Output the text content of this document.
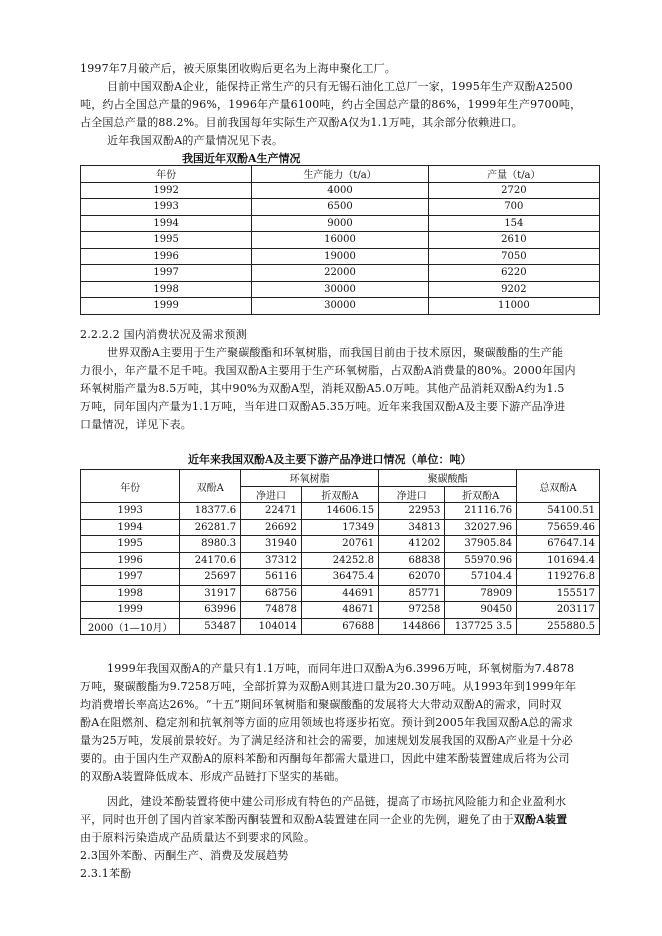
1997年7月破产后，被天原集团收购后更名为上海申聚化工厂。

目前中国双酚A企业，能保持正常生产的只有无锡石油化工总厂一家，1995年生产双酚A2500

吨，约占全国总产量的96%，1996年产量6100吨，约占全国总产量的86%，1999年生产9700吨，

占全国总产量的88.2%。目前我国每年实际生产双酚A仅为1.1万吨，其余部分依赖进口。

近年我国双酚A的产量情况见下表。

我国近年双酚A生产情况

年份	生产能力（t/a）	产量（t/a）
1992	4000	2720
1993	6500	700
1994	9000	154
1995	16000	2610
1996	19000	7050
1997	22000	6220
1998	30000	9202
1999	30000	11000

2.2.2.2 国内消费状况及需求预测

世界双酚A主要用于生产聚碳酸酯和环氧树脂，而我国目前由于技术原因，聚碳酸酯的生产能

力很小，年产量不足千吨。我国双酚A主要用于生产环氧树脂，占双酚A消费量的80%。2000年国内

环氧树脂产量为8.5万吨，其中90%为双酚A型，消耗双酚A5.0万吨。其他产品消耗双酚A约为1.5

万吨，同年国内产量为1.1万吨，当年进口双酚A5.35万吨。近年来我国双酚A及主要下游产品净进

口量情况，详见下表。

近年来我国双酚A及主要下游产品净进口情况（单位：吨）

年份	双酚A	环氧树脂		聚碳酸酯		总双酚A
		净进口	折双酚A	净进口	折双酚A	
1993	18377.6	22471	14606.15	22953	21116.76	54100.51
1994	26281.7	26692	17349	34813	32027.96	75659.46
1995	8980.3	31940	20761	41202	37905.84	67647.14
1996	24170.6	37312	24252.8	68838	55970.96	101694.4
1997	25697	56116	36475.4	62070	57104.4	119276.8
1998	31917	68756	44691	85771	78909	155517
1999	63996	74878	48671	97258	90450	203117
2000（1—10月）	53487	104014	67688	144866	137725 3.5	255880.5

1999年我国双酚A的产量只有1.1万吨，而同年进口双酚A为6.3996万吨，环氧树脂为7.4878

万吨，聚碳酸酯为9.7258万吨，全部折算为双酚A则其进口量为20.30万吨。从1993年到1999年年

均消费增长率高达26%。“十五”期间环氧树脂和聚碳酸酯的发展将大大带动双酚A的需求，同时双

酚A在阻燃剂、稳定剂和抗氧剂等方面的应用领域也将逐步拓宽。预计到2005年我国双酚A总的需求

量为25万吨，发展前景较好。为了满足经济和社会的需要，加速规划发展我国的双酚A产业是十分必

要的。由于国内生产双酚A的原料苯酚和丙酮每年都需大量进口，因此中建苯酚装置建成后将为公司

的双酚A装置降低成本、形成产品链打下坚实的基础。

因此，建设苯酚装置将使中建公司形成有特色的产品链，提高了市场抗风险能力和企业盈利水

平，同时也开创了国内首家苯酚丙酮装置和双酚A装置建在同一企业的先例，避免了由于双酚A装置

由于原料污染造成产品质量达不到要求的风险。

2.3国外苯酚、丙酮生产、消费及发展趋势

2.3.1苯酚
